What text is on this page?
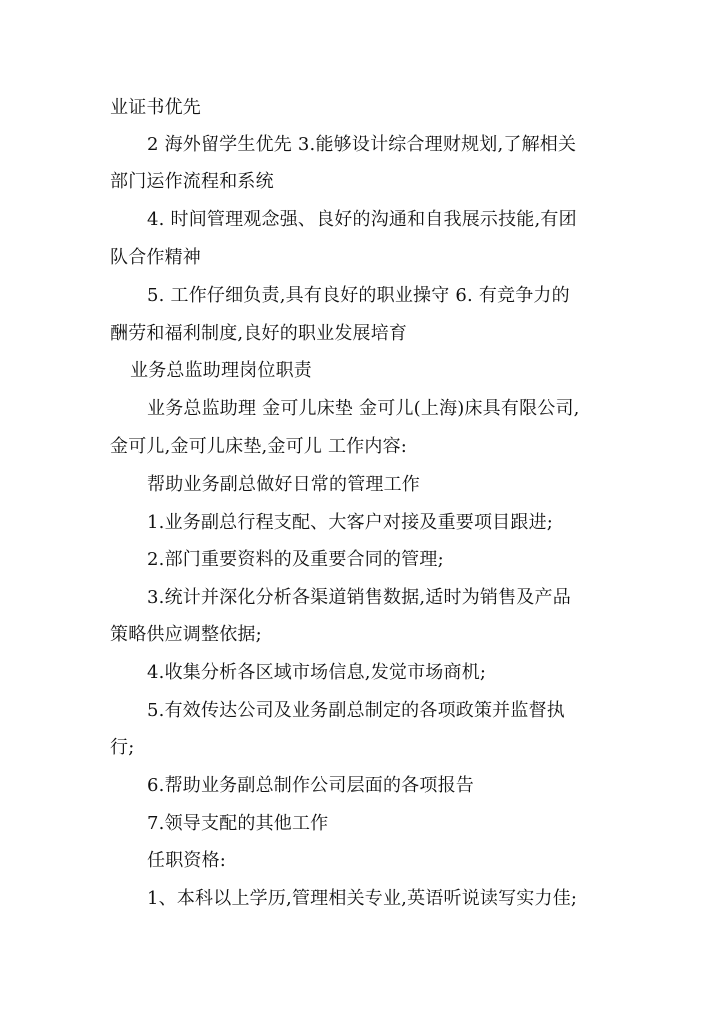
业证书优先
2 海外留学生优先 3.能够设计综合理财规划,了解相关
部门运作流程和系统
4. 时间管理观念强、良好的沟通和自我展示技能,有团
队合作精神
5. 工作仔细负责,具有良好的职业操守 6. 有竞争力的
酬劳和福利制度,良好的职业发展培育
业务总监助理岗位职责
业务总监助理 金可儿床垫 金可儿(上海)床具有限公司,
金可儿,金可儿床垫,金可儿 工作内容:
帮助业务副总做好日常的管理工作
1.业务副总行程支配、大客户对接及重要项目跟进;
2.部门重要资料的及重要合同的管理;
3.统计并深化分析各渠道销售数据,适时为销售及产品
策略供应调整依据;
4.收集分析各区域市场信息,发觉市场商机;
5.有效传达公司及业务副总制定的各项政策并监督执
行;
6.帮助业务副总制作公司层面的各项报告
7.领导支配的其他工作
任职资格:
1、本科以上学历,管理相关专业,英语听说读写实力佳;
